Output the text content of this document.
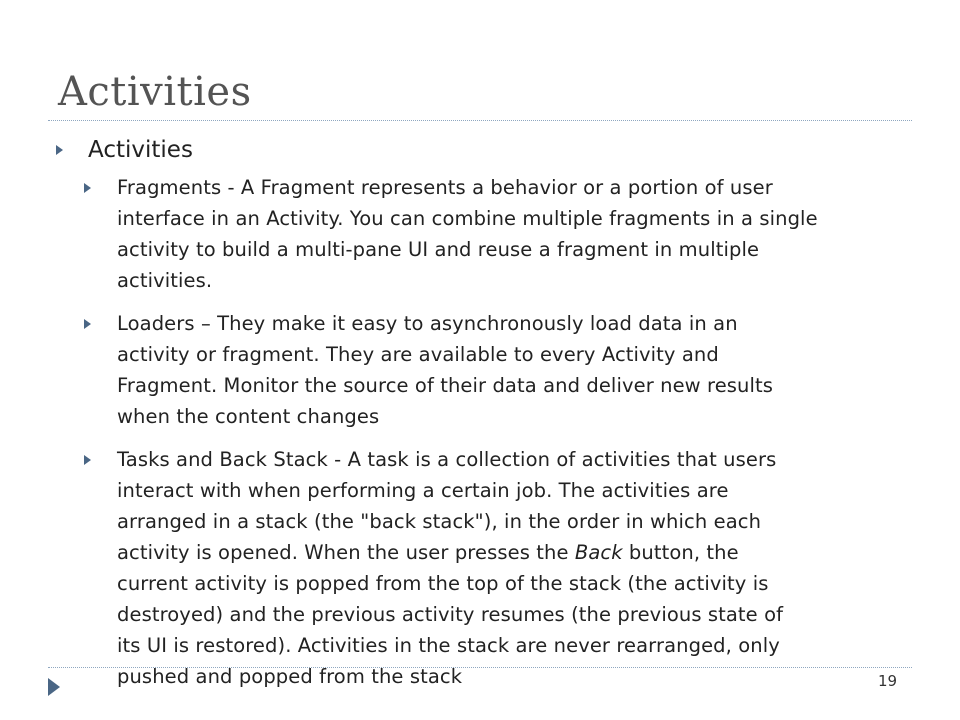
Activities
Activities
Fragments - A Fragment represents a behavior or a portion of user
interface in an Activity. You can combine multiple fragments in a single
activity to build a multi-pane UI and reuse a fragment in multiple
activities.
Loaders – They make it easy to asynchronously load data in an
activity or fragment. They are available to every Activity and
Fragment. Monitor the source of their data and deliver new results
when the content changes
Tasks and Back Stack - A task is a collection of activities that users
interact with when performing a certain job. The activities are
arranged in a stack (the "back stack"), in the order in which each
activity is opened. When the user presses the Back button, the
current activity is popped from the top of the stack (the activity is
destroyed) and the previous activity resumes (the previous state of
its UI is restored). Activities in the stack are never rearranged, only
pushed and popped from the stack	19
